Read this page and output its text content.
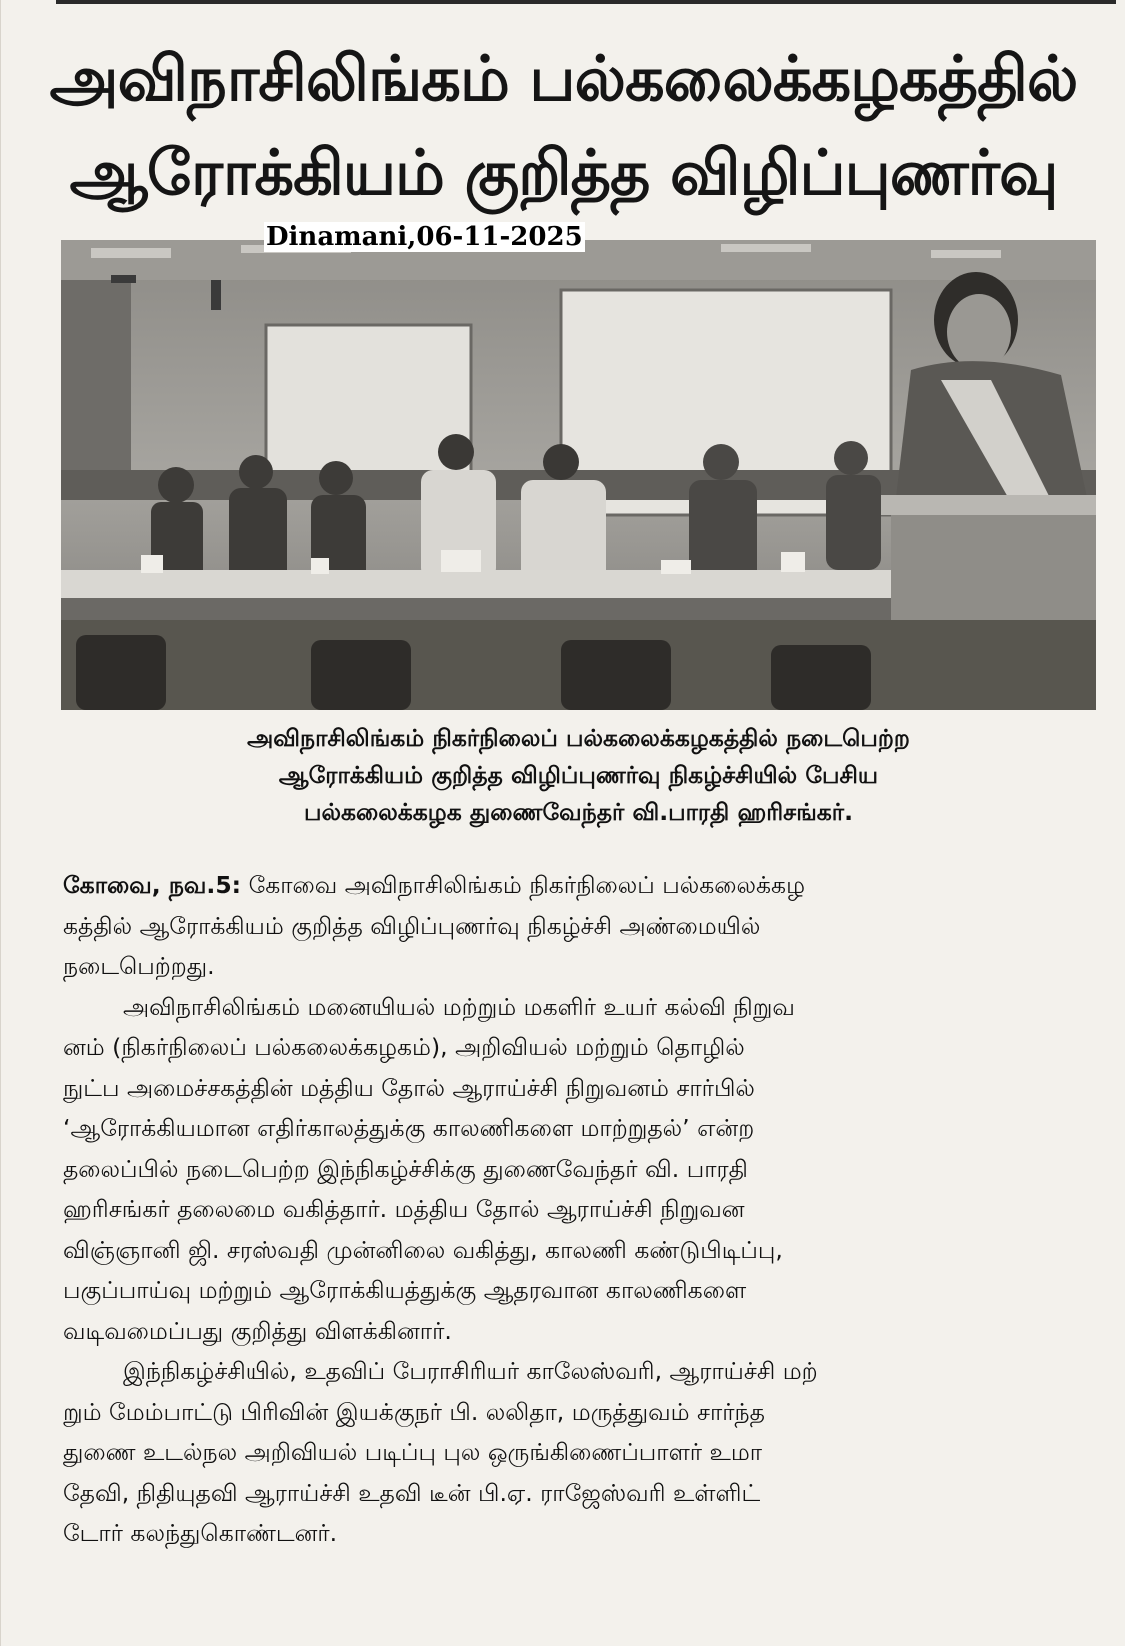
அவிநாசிலிங்கம் பல்கலைக்கழகத்தில்
ஆரோக்கியம் குறித்த விழிப்புணர்வு
Dinamani,06-11-2025
அவிநாசிலிங்கம் நிகர்நிலைப் பல்கலைக்கழகத்தில் நடைபெற்ற
ஆரோக்கியம் குறித்த விழிப்புணர்வு நிகழ்ச்சியில் பேசிய
பல்கலைக்கழக துணைவேந்தர் வி.பாரதி ஹரிசங்கர்.
கோவை, நவ.5: கோவை அவிநாசிலிங்கம் நிகர்நிலைப் பல்கலைக்கழ
கத்தில் ஆரோக்கியம் குறித்த விழிப்புணர்வு நிகழ்ச்சி அண்மையில்
நடைபெற்றது.
அவிநாசிலிங்கம் மனையியல் மற்றும் மகளிர் உயர் கல்வி நிறுவ
னம் (நிகர்நிலைப் பல்கலைக்கழகம்), அறிவியல் மற்றும் தொழில்
நுட்ப அமைச்சகத்தின் மத்திய தோல் ஆராய்ச்சி நிறுவனம் சார்பில்
‘ஆரோக்கியமான எதிர்காலத்துக்கு காலணிகளை மாற்றுதல்’ என்ற
தலைப்பில் நடைபெற்ற இந்நிகழ்ச்சிக்கு துணைவேந்தர் வி. பாரதி
ஹரிசங்கர் தலைமை வகித்தார். மத்திய தோல் ஆராய்ச்சி நிறுவன
விஞ்ஞானி ஜி. சரஸ்வதி முன்னிலை வகித்து, காலணி கண்டுபிடிப்பு,
பகுப்பாய்வு மற்றும் ஆரோக்கியத்துக்கு ஆதரவான காலணிகளை
வடிவமைப்பது குறித்து விளக்கினார்.
இந்நிகழ்ச்சியில், உதவிப் பேராசிரியர் காலேஸ்வரி, ஆராய்ச்சி மற்
றும் மேம்பாட்டு பிரிவின் இயக்குநர் பி. லலிதா, மருத்துவம் சார்ந்த
துணை உடல்நல அறிவியல் படிப்பு புல ஒருங்கிணைப்பாளர் உமா
தேவி, நிதியுதவி ஆராய்ச்சி உதவி டீன் பி.ஏ. ராஜேஸ்வரி உள்ளிட்
டோர் கலந்துகொண்டனர்.
